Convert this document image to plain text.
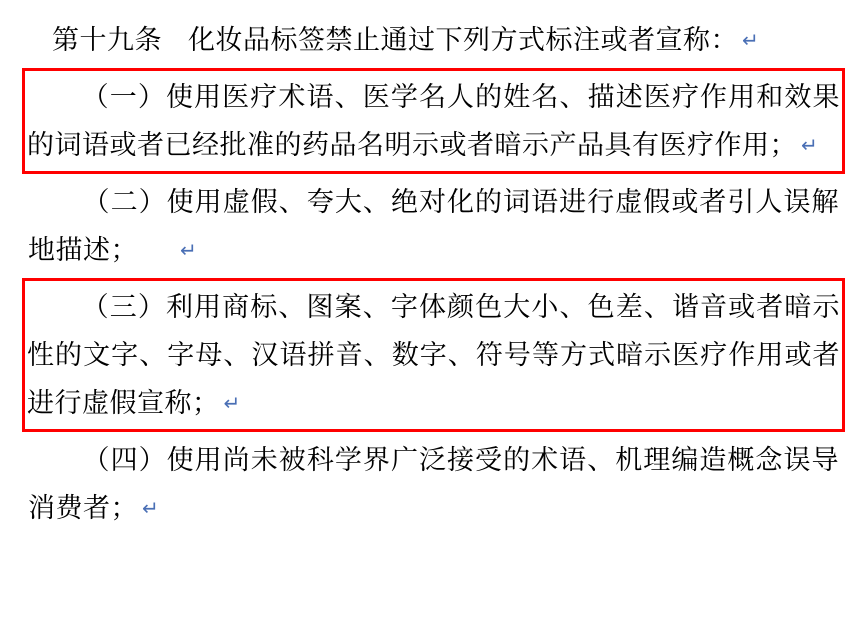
第十九条 化妆品标签禁止通过下列方式标注或者宣称： ↵
（一）使用医疗术语、医学名人的姓名、描述医疗作用和效果的词语或者已经批准的药品名明示或者暗示产品具有医疗作用； ↵
（二）使用虚假、夸大、绝对化的词语进行虚假或者引人误解地描述； ↵
（三）利用商标、图案、字体颜色大小、色差、谐音或者暗示性的文字、字母、汉语拼音、数字、符号等方式暗示医疗作用或者进行虚假宣称； ↵
（四）使用尚未被科学界广泛接受的术语、机理编造概念误导消费者； ↵
